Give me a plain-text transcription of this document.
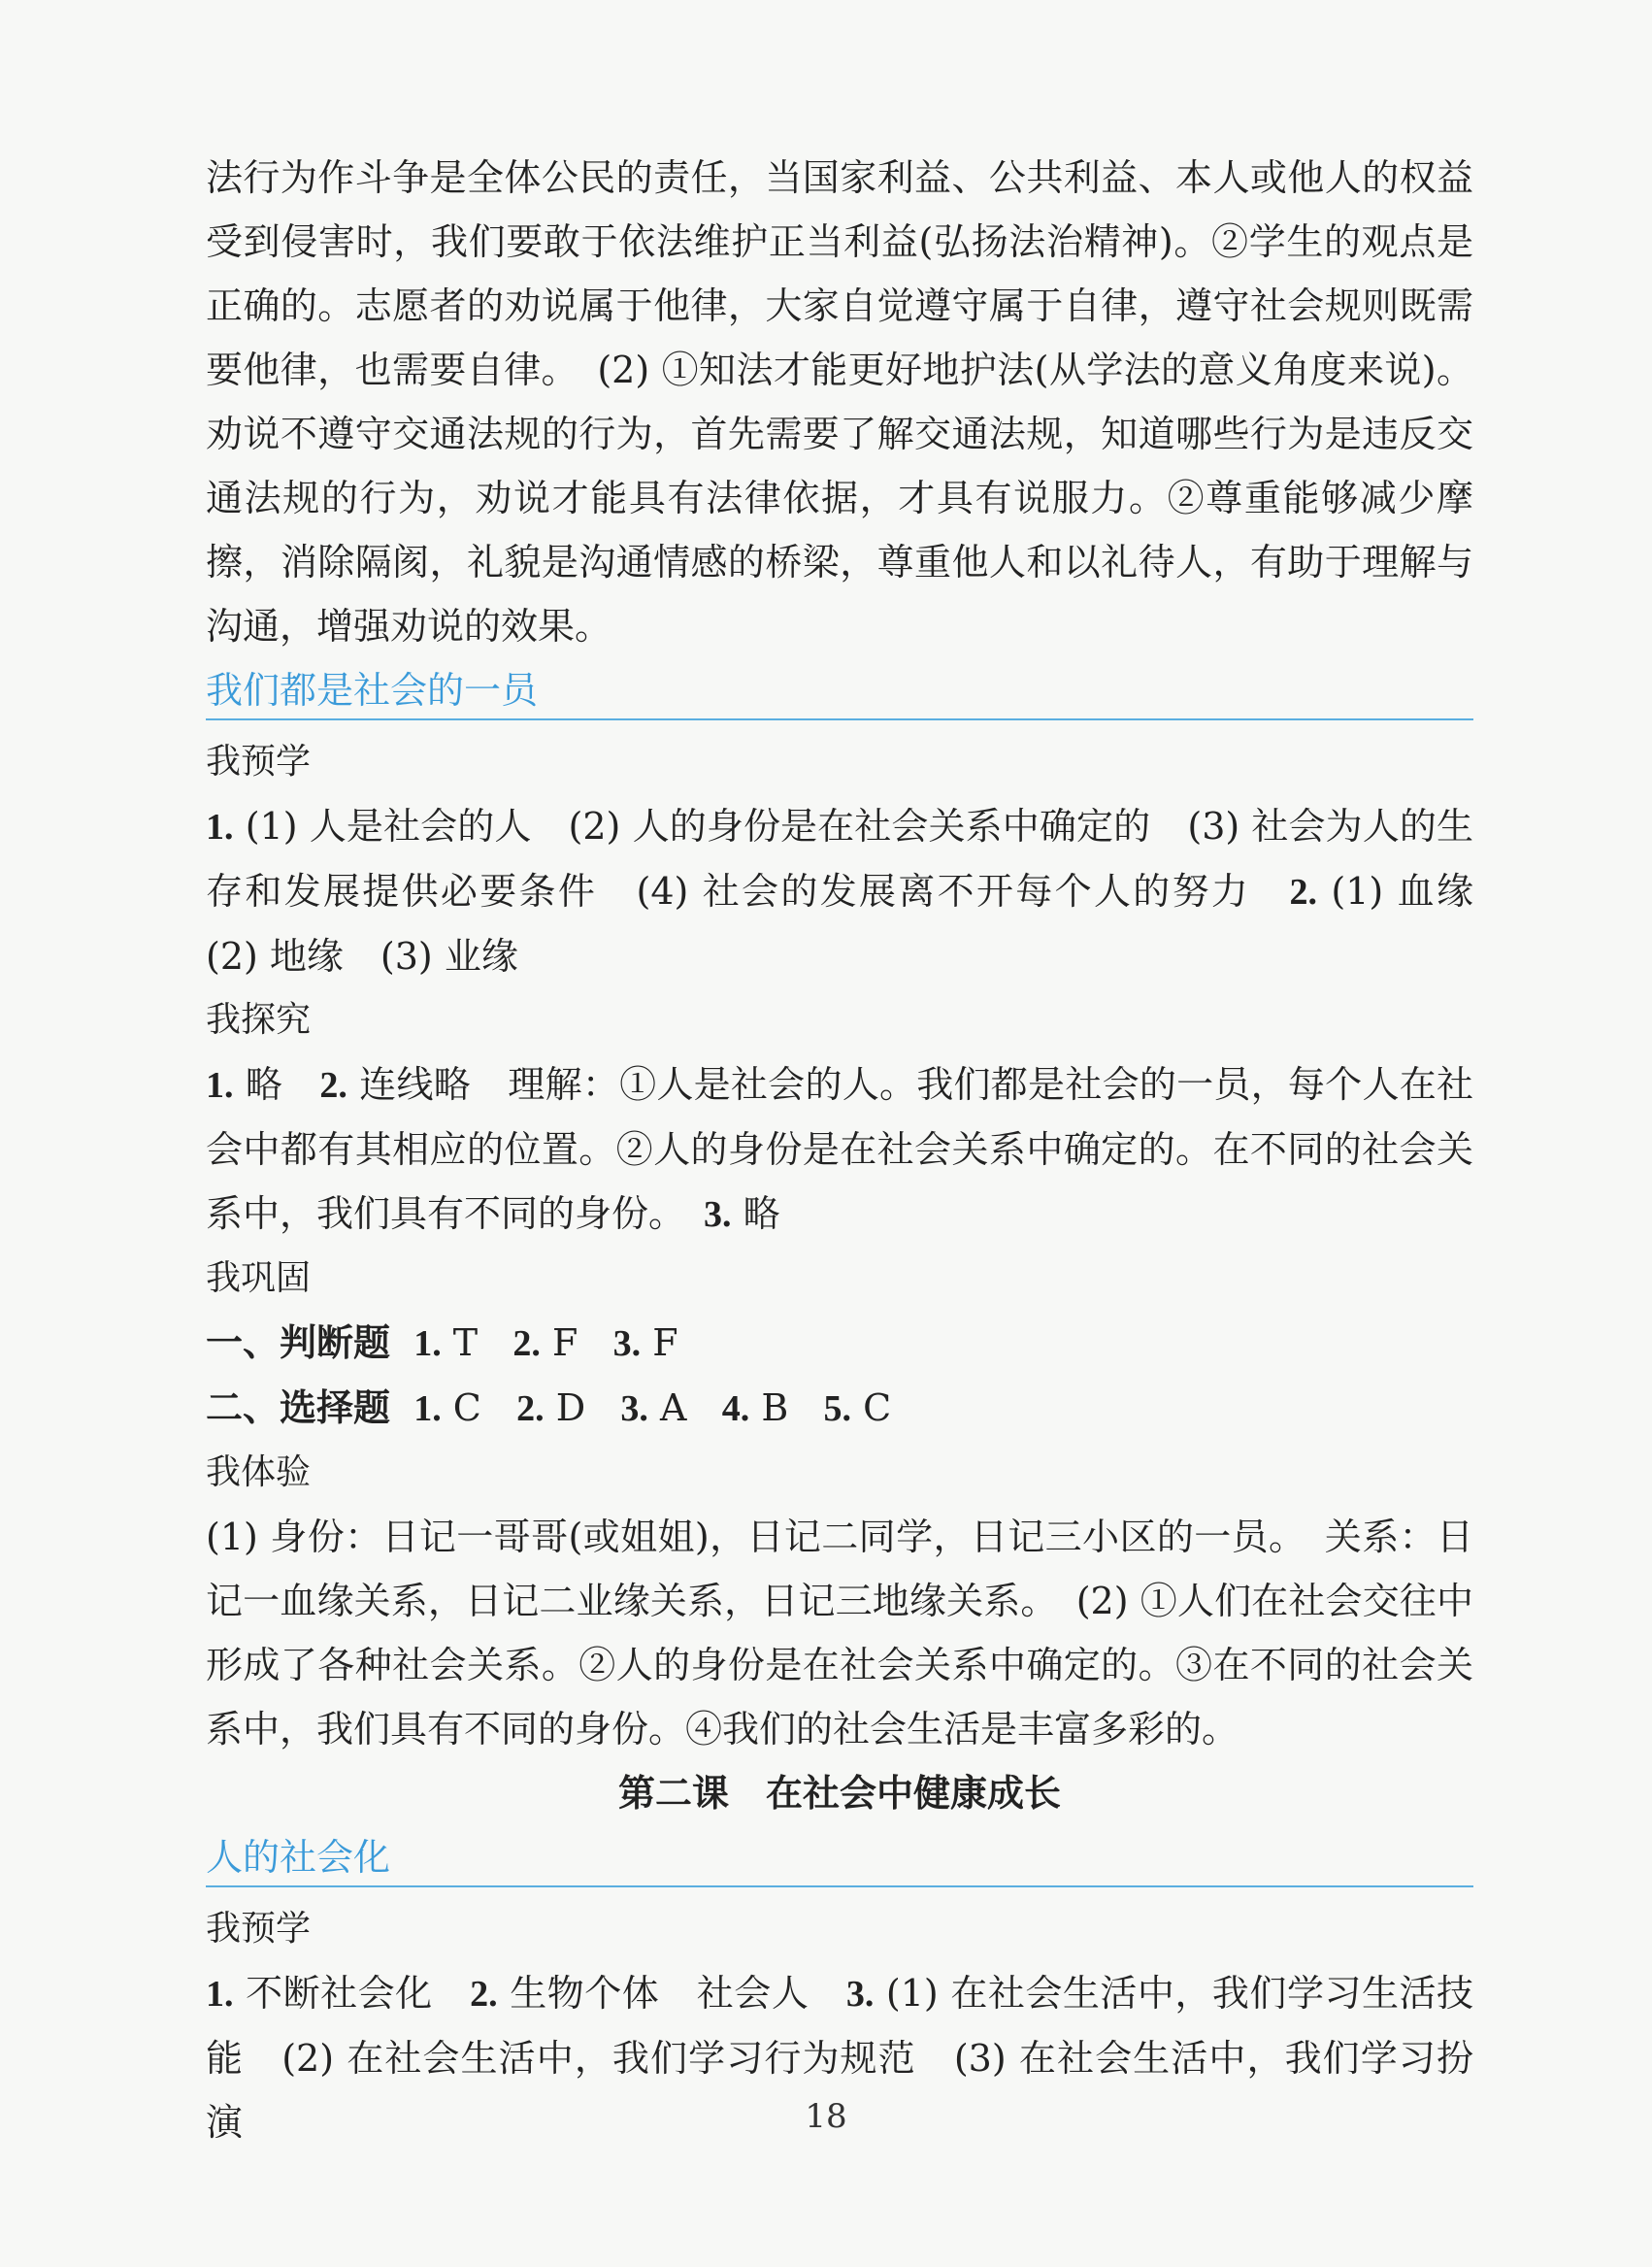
法行为作斗争是全体公民的责任，当国家利益、公共利益、本人或他人的权益受到侵害时，我们要敢于依法维护正当利益(弘扬法治精神)。②学生的观点是正确的。志愿者的劝说属于他律，大家自觉遵守属于自律，遵守社会规则既需要他律，也需要自律。　(2) ①知法才能更好地护法(从学法的意义角度来说)。劝说不遵守交通法规的行为，首先需要了解交通法规，知道哪些行为是违反交通法规的行为，劝说才能具有法律依据，才具有说服力。②尊重能够减少摩擦，消除隔阂，礼貌是沟通情感的桥梁，尊重他人和以礼待人，有助于理解与沟通，增强劝说的效果。

我们都是社会的一员

我预学

1. (1) 人是社会的人　(2) 人的身份是在社会关系中确定的　(3) 社会为人的生存和发展提供必要条件　(4) 社会的发展离不开每个人的努力　2. (1) 血缘　(2) 地缘　(3) 业缘

我探究

1. 略　2. 连线略　理解：①人是社会的人。我们都是社会的一员，每个人在社会中都有其相应的位置。②人的身份是在社会关系中确定的。在不同的社会关系中，我们具有不同的身份。　3. 略

我巩固

一、判断题 1. T 2. F 3. F

二、选择题 1. C 2. D 3. A 4. B 5. C

我体验

(1) 身份：日记一哥哥(或姐姐)，日记二同学，日记三小区的一员。　关系：日记一血缘关系，日记二业缘关系，日记三地缘关系。　(2) ①人们在社会交往中形成了各种社会关系。②人的身份是在社会关系中确定的。③在不同的社会关系中，我们具有不同的身份。④我们的社会生活是丰富多彩的。

第二课　在社会中健康成长
人的社会化

我预学

1. 不断社会化　2. 生物个体　社会人　3. (1) 在社会生活中，我们学习生活技能　(2) 在社会生活中，我们学习行为规范　(3) 在社会生活中，我们学习扮演	18
